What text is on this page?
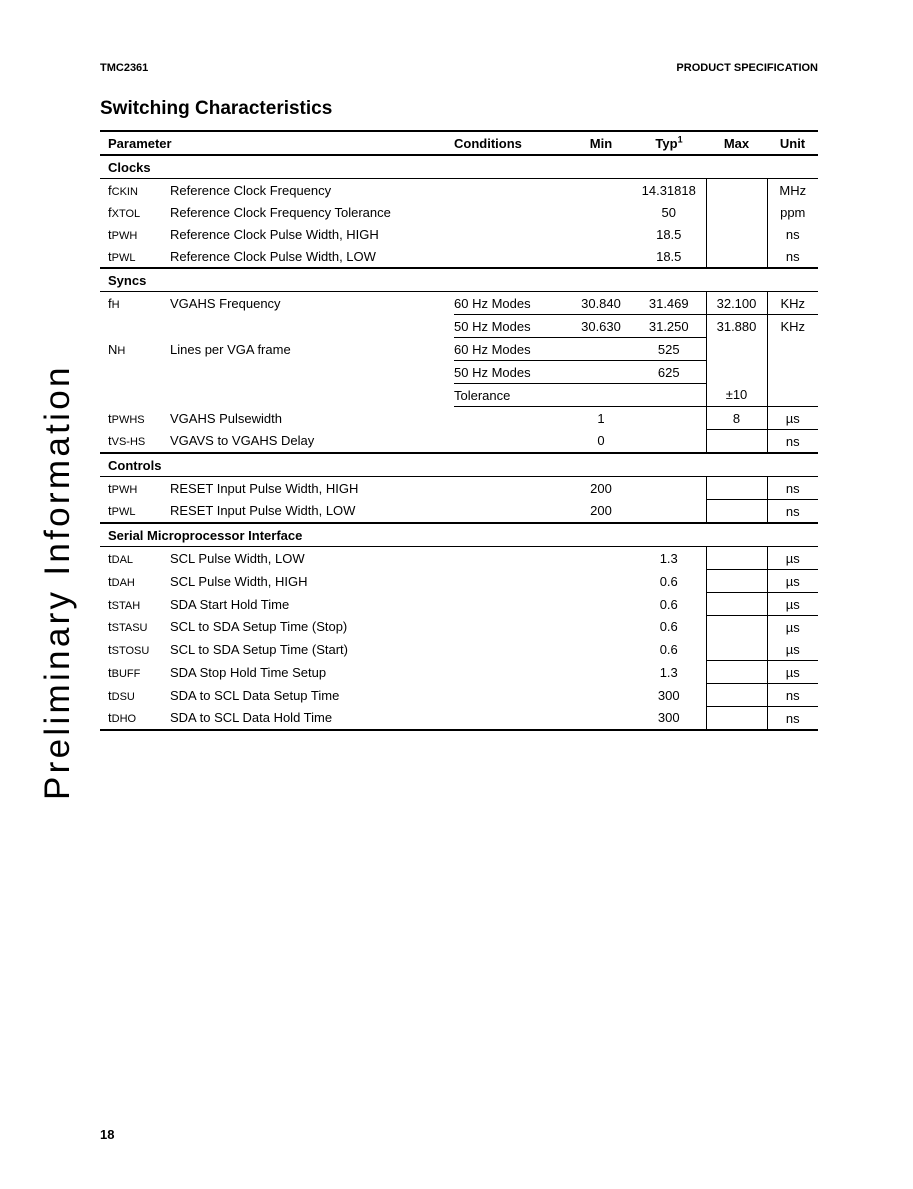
TMC2361	PRODUCT SPECIFICATION
Switching Characteristics
Preliminary Information
Parameter		Conditions	Min	Typ$^1$	Max	Unit
Clocks						
fCKIN	Reference Clock Frequency			14.31818		MHz
fXTOL	Reference Clock Frequency Tolerance			50		ppm
tPWH	Reference Clock Pulse Width, HIGH			18.5		ns
tPWL	Reference Clock Pulse Width, LOW			18.5		ns
Syncs						
fH	VGAHS Frequency	60 Hz Modes	30.840	31.469	32.100	KHz
		50 Hz Modes	30.630	31.250	31.880	KHz
NH	Lines per VGA frame	60 Hz Modes		525		
		50 Hz Modes		625		
		Tolerance			±10	
tPWHS	VGAHS Pulsewidth		1		8	µs
tVS-HS	VGAVS to VGAHS Delay		0			ns
Controls						
tPWH	RESET Input Pulse Width, HIGH		200			ns
tPWL	RESET Input Pulse Width, LOW		200			ns
Serial Microprocessor Interface						
tDAL	SCL Pulse Width, LOW			1.3		µs
tDAH	SCL Pulse Width, HIGH			0.6		µs
tSTAH	SDA Start Hold Time			0.6		µs
tSTASU	SCL to SDA Setup Time (Stop)			0.6		µs
tSTOSU	SCL to SDA Setup Time (Start)			0.6		µs
tBUFF	SDA Stop Hold Time Setup			1.3		µs
tDSU	SDA to SCL Data Setup Time			300		ns
tDHO	SDA to SCL Data Hold Time			300		ns
18
